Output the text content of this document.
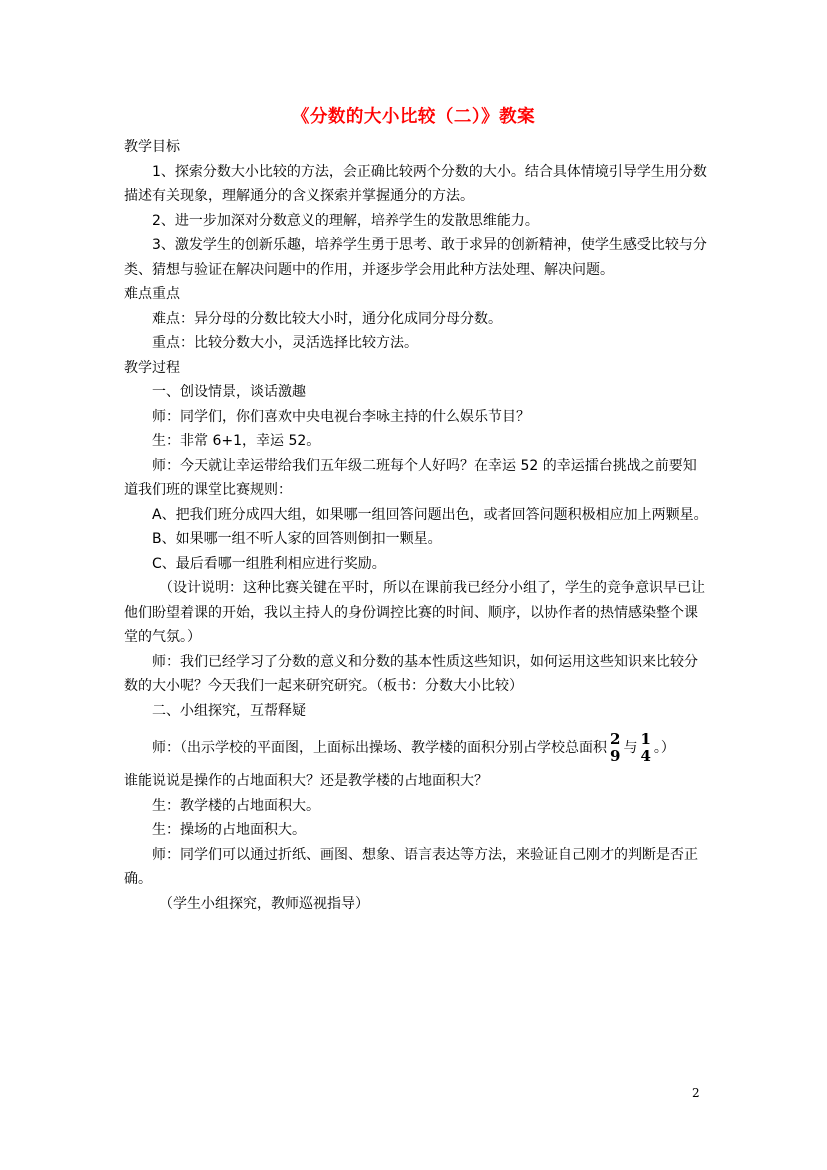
《分数的大小比较（二）》教案

教学目标

1、探索分数大小比较的方法，会正确比较两个分数的大小。结合具体情境引导学生用分数描述有关现象，理解通分的含义探索并掌握通分的方法。

2、进一步加深对分数意义的理解，培养学生的发散思维能力。

3、激发学生的创新乐趣，培养学生勇于思考、敢于求异的创新精神，使学生感受比较与分类、猜想与验证在解决问题中的作用，并逐步学会用此种方法处理、解决问题。

难点重点

难点：异分母的分数比较大小时，通分化成同分母分数。

重点：比较分数大小，灵活选择比较方法。

教学过程

一、创设情景，谈话激趣

师：同学们，你们喜欢中央电视台李咏主持的什么娱乐节目？

生：非常 6+1，幸运 52。

师：今天就让幸运带给我们五年级二班每个人好吗？在幸运 52 的幸运擂台挑战之前要知道我们班的课堂比赛规则：

A、把我们班分成四大组，如果哪一组回答问题出色，或者回答问题积极相应加上两颗星。

B、如果哪一组不听人家的回答则倒扣一颗星。

C、最后看哪一组胜利相应进行奖励。

（设计说明：这种比赛关键在平时，所以在课前我已经分小组了，学生的竞争意识早已让他们盼望着课的开始，我以主持人的身份调控比赛的时间、顺序，以协作者的热情感染整个课堂的气氛。）

师：我们已经学习了分数的意义和分数的基本性质这些知识，如何运用这些知识来比较分数的大小呢？今天我们一起来研究研究。（板书：分数大小比较）

二、小组探究，互帮释疑

师：（出示学校的平面图，上面标出操场、教学楼的面积分别占学校总面积 2
9 与 1
4 。）

谁能说说是操作的占地面积大？还是教学楼的占地面积大？

生：教学楼的占地面积大。

生：操场的占地面积大。

师：同学们可以通过折纸、画图、想象、语言表达等方法，来验证自己刚才的判断是否正确。

（学生小组探究，教师巡视指导）

2
